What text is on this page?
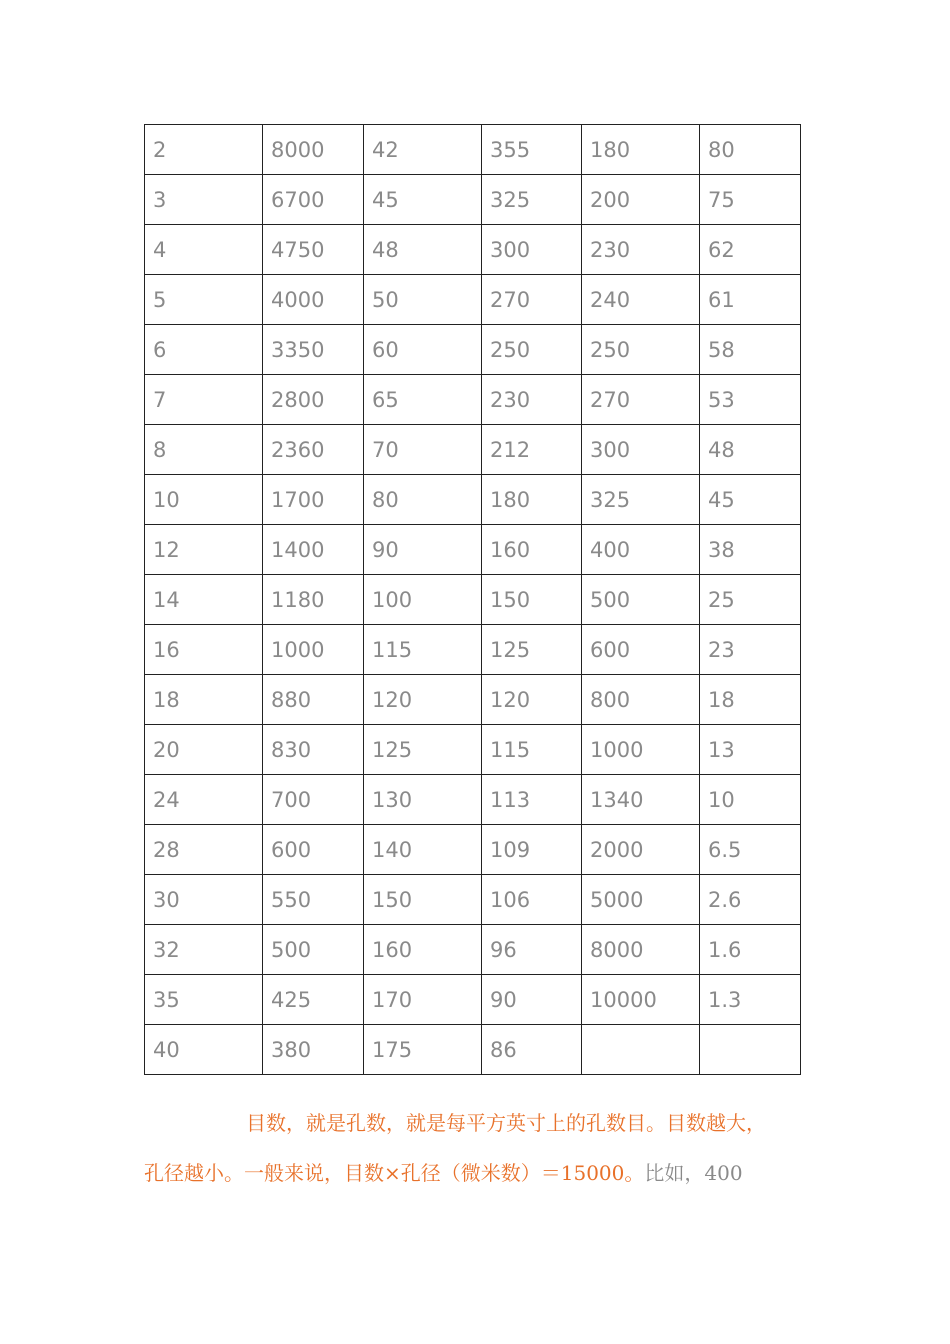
2	8000	42	355	180	80
3	6700	45	325	200	75
4	4750	48	300	230	62
5	4000	50	270	240	61
6	3350	60	250	250	58
7	2800	65	230	270	53
8	2360	70	212	300	48
10	1700	80	180	325	45
12	1400	90	160	400	38
14	1180	100	150	500	25
16	1000	115	125	600	23
18	880	120	120	800	18
20	830	125	115	1000	13
24	700	130	113	1340	10
28	600	140	109	2000	6.5
30	550	150	106	5000	2.6
32	500	160	96	8000	1.6
35	425	170	90	10000	1.3
40	380	175	86		
目数，就是孔数，就是每平方英寸上的孔数目。目数越大，
孔径越小。一般来说，目数×孔径（微米数）＝15000。比如，400
